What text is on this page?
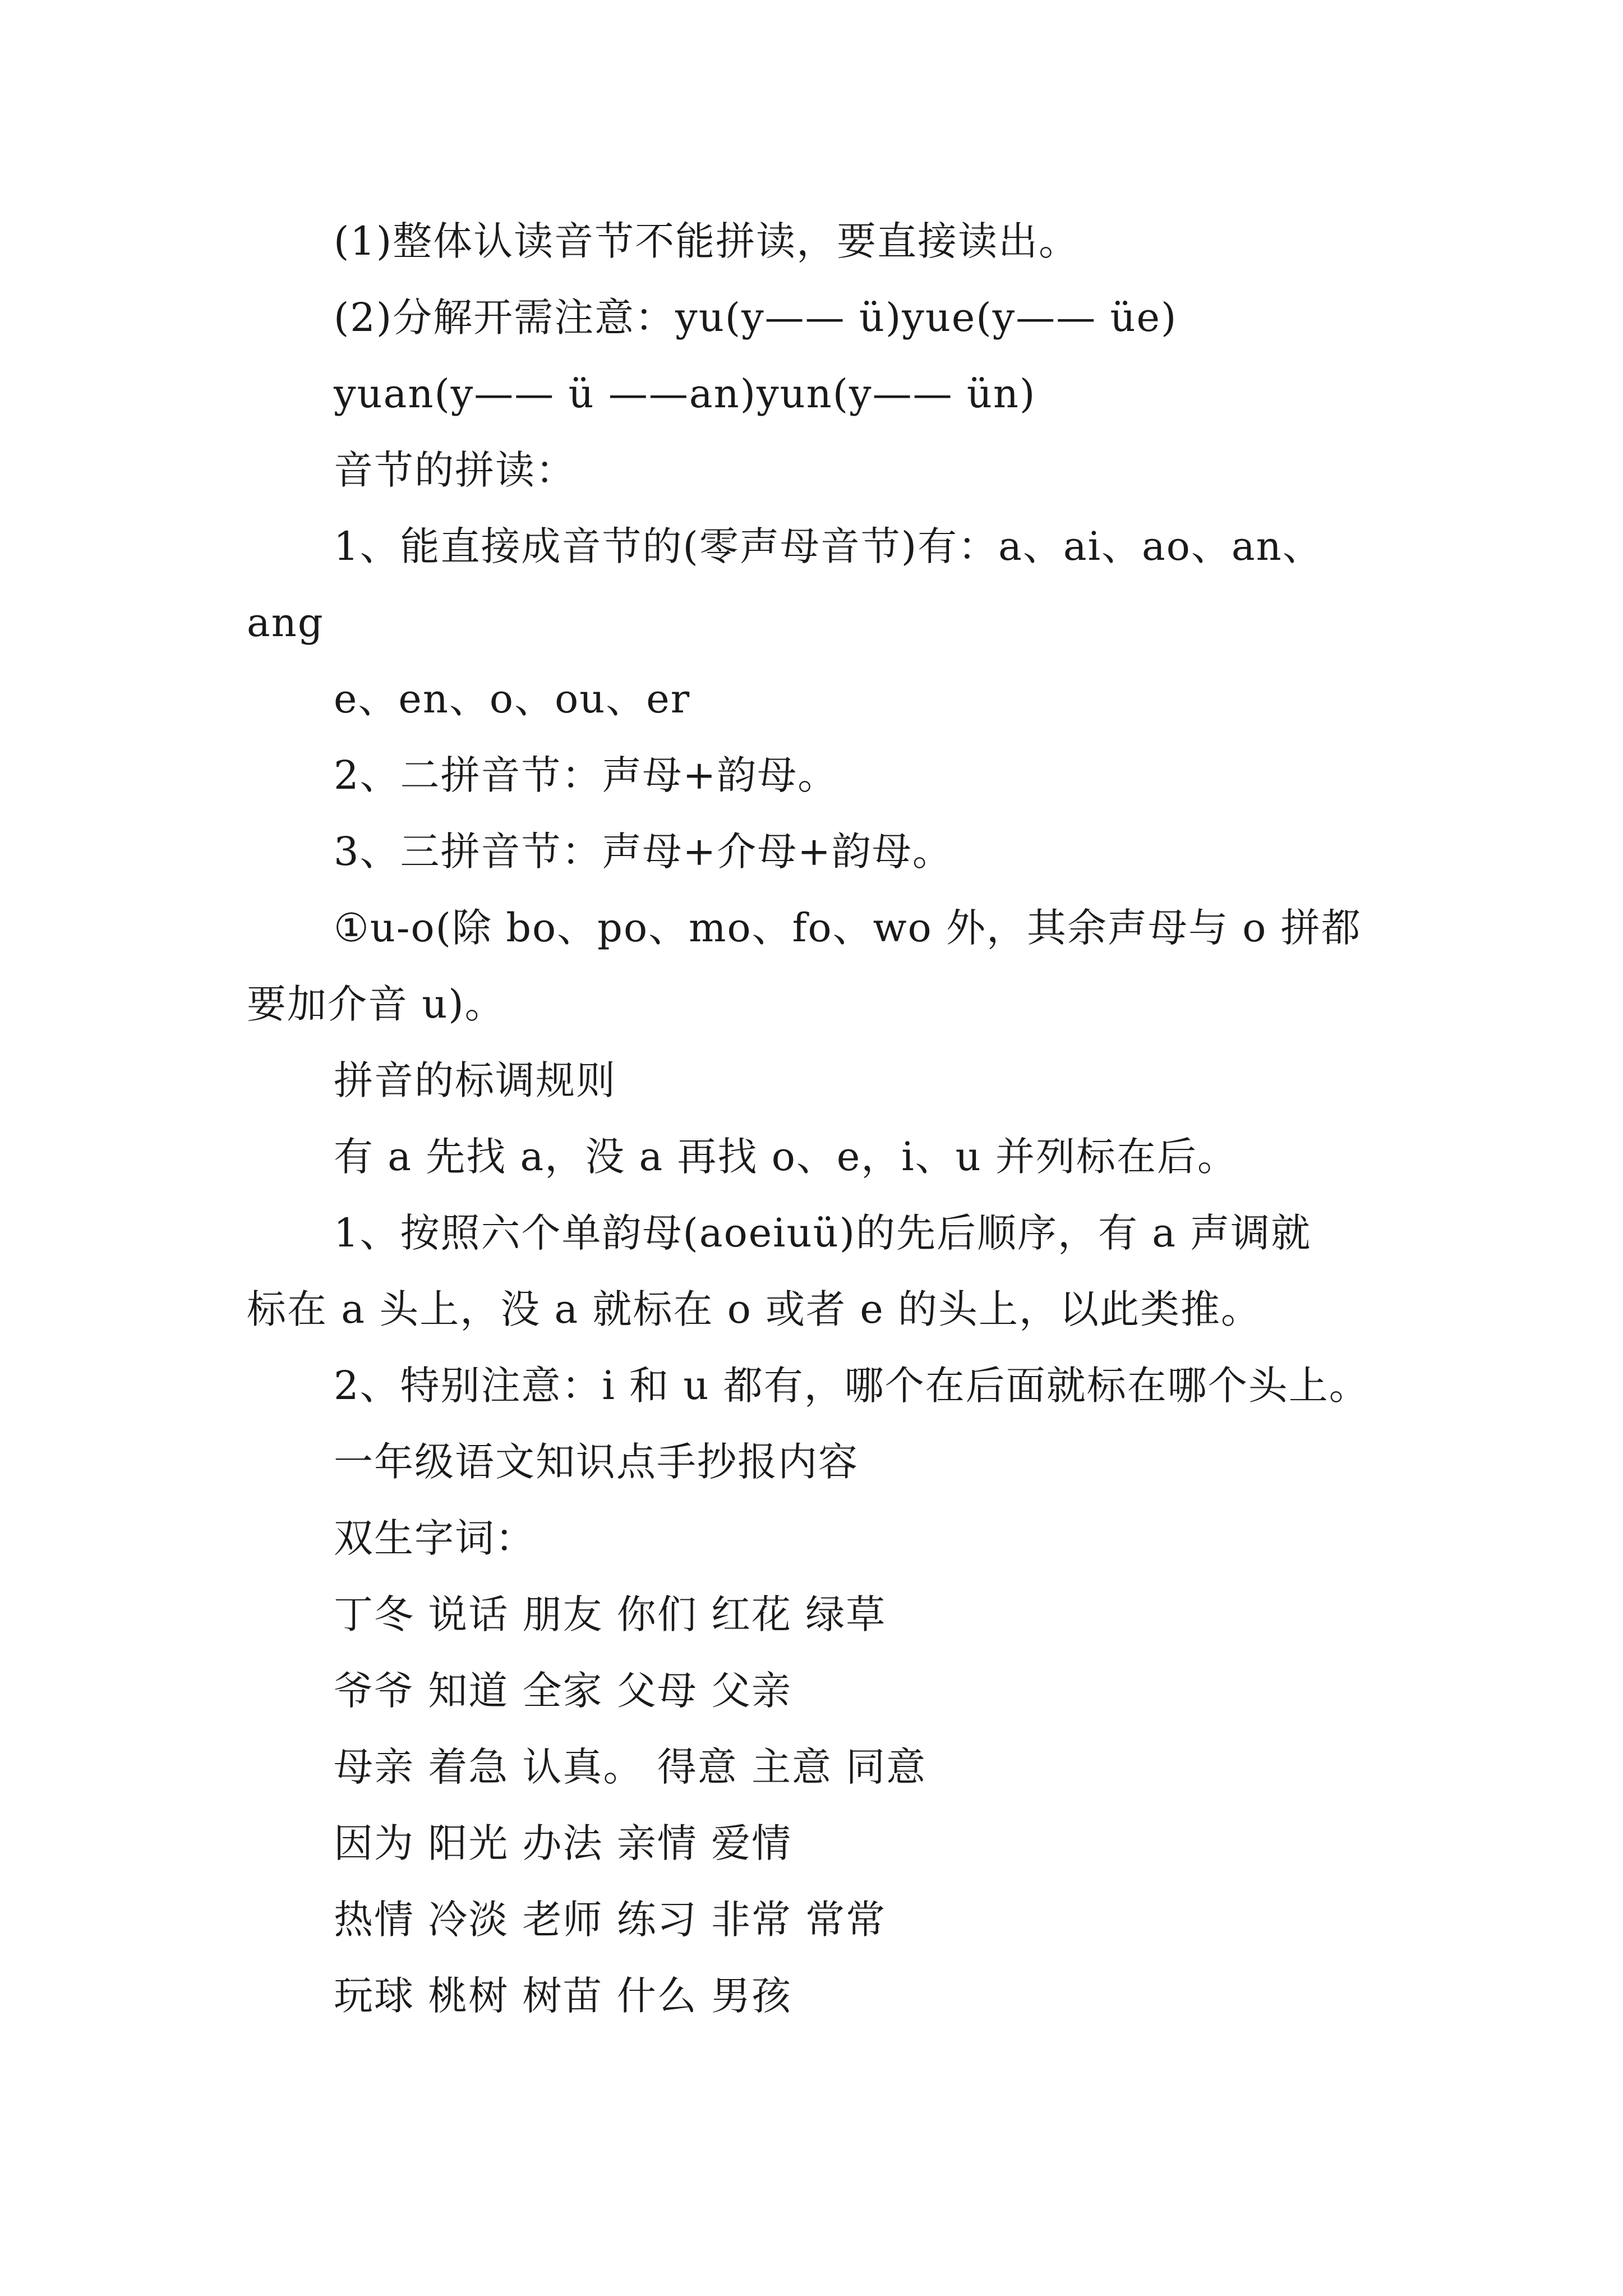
(1)整体认读音节不能拼读，要直接读出。

(2)分解开需注意：yu(y—— ü)yue(y—— üe)

yuan(y—— ü ——an)yun(y—— ün)

音节的拼读：

1、能直接成音节的(零声母音节)有：a、ai、ao、an、

ang

e、en、o、ou、er

2、二拼音节：声母+韵母。

3、三拼音节：声母+介母+韵母。

①u-o(除 bo、po、mo、fo、wo 外，其余声母与 o 拼都

要加介音 u)。

拼音的标调规则

有 a 先找 a，没 a 再找 o、e，i、u 并列标在后。

1、按照六个单韵母(aoeiuü)的先后顺序，有 a 声调就

标在 a 头上，没 a 就标在 o 或者 e 的头上，以此类推。

2、特别注意：i 和 u 都有，哪个在后面就标在哪个头上。

一年级语文知识点手抄报内容

双生字词：

丁冬 说话 朋友 你们 红花 绿草

爷爷 知道 全家 父母 父亲

母亲 着急 认真。 得意 主意 同意

因为 阳光 办法 亲情 爱情

热情 冷淡 老师 练习 非常 常常

玩球 桃树 树苗 什么 男孩
